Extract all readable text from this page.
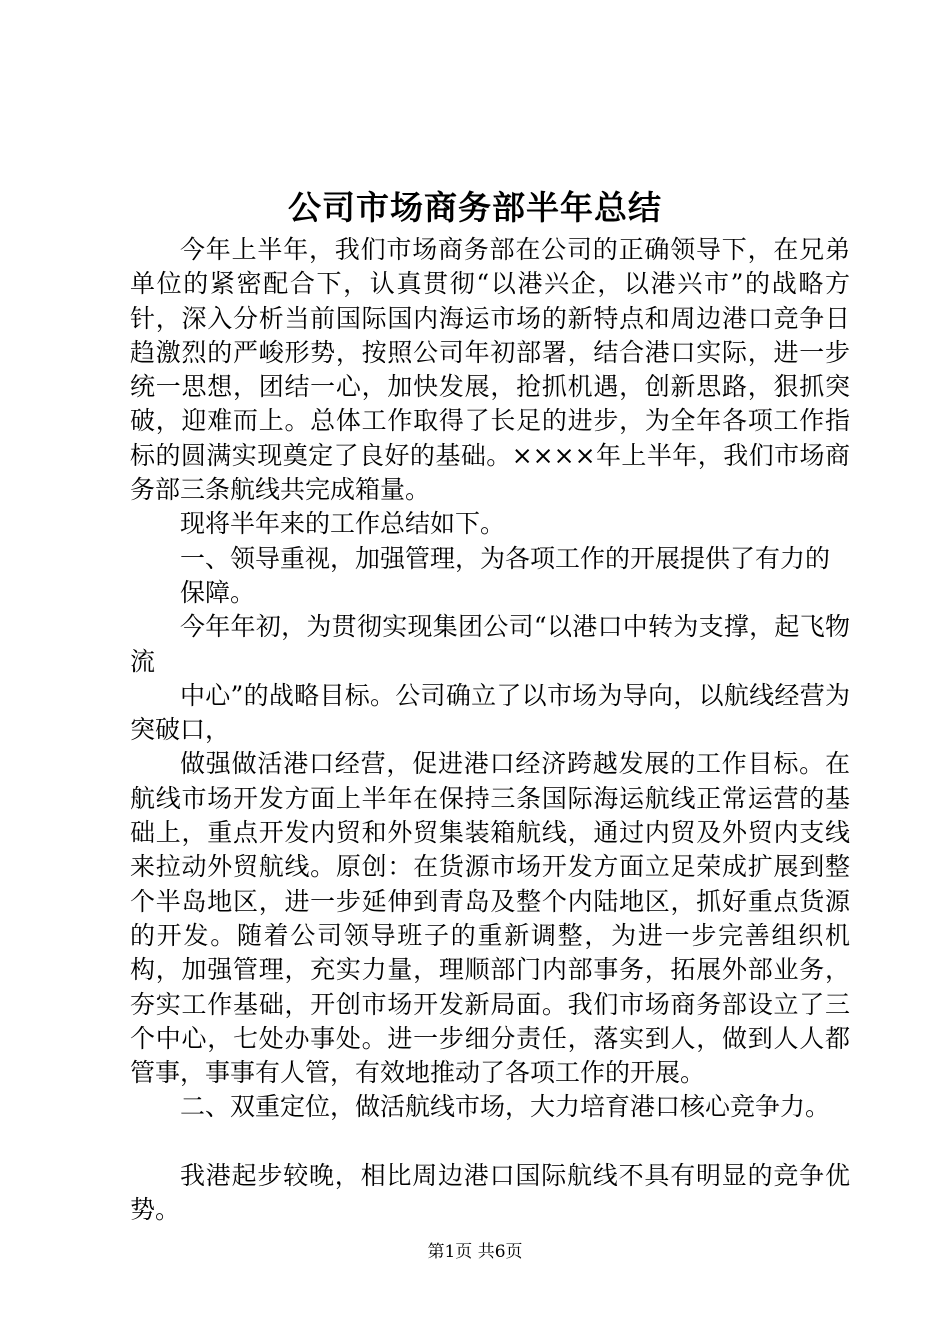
公司市场商务部半年总结

今年上半年，我们市场商务部在公司的正确领导下，在兄弟单位的紧密配合下，认真贯彻“以港兴企，以港兴市”的战略方针，深入分析当前国际国内海运市场的新特点和周边港口竞争日趋激烈的严峻形势，按照公司年初部署，结合港口实际，进一步统一思想，团结一心，加快发展，抢抓机遇，创新思路，狠抓突破，迎难而上。总体工作取得了长足的进步，为全年各项工作指标的圆满实现奠定了良好的基础。××××年上半年，我们市场商务部三条航线共完成箱量。

现将半年来的工作总结如下。

一、领导重视，加强管理，为各项工作的开展提供了有力的

保障。

今年年初，为贯彻实现集团公司“以港口中转为支撑，起飞物流

中心”的战略目标。公司确立了以市场为导向，以航线经营为突破口，

做强做活港口经营，促进港口经济跨越发展的工作目标。在航线市场开发方面上半年在保持三条国际海运航线正常运营的基础上，重点开发内贸和外贸集装箱航线，通过内贸及外贸内支线来拉动外贸航线。原创：在货源市场开发方面立足荣成扩展到整个半岛地区，进一步延伸到青岛及整个内陆地区，抓好重点货源的开发。随着公司领导班子的重新调整，为进一步完善组织机构，加强管理，充实力量，理顺部门内部事务，拓展外部业务，夯实工作基础，开创市场开发新局面。我们市场商务部设立了三个中心，七处办事处。进一步细分责任，落实到人，做到人人都管事，事事有人管，有效地推动了各项工作的开展。

二、双重定位，做活航线市场，大力培育港口核心竞争力。

我港起步较晚，相比周边港口国际航线不具有明显的竞争优势。

第1页 共6页
